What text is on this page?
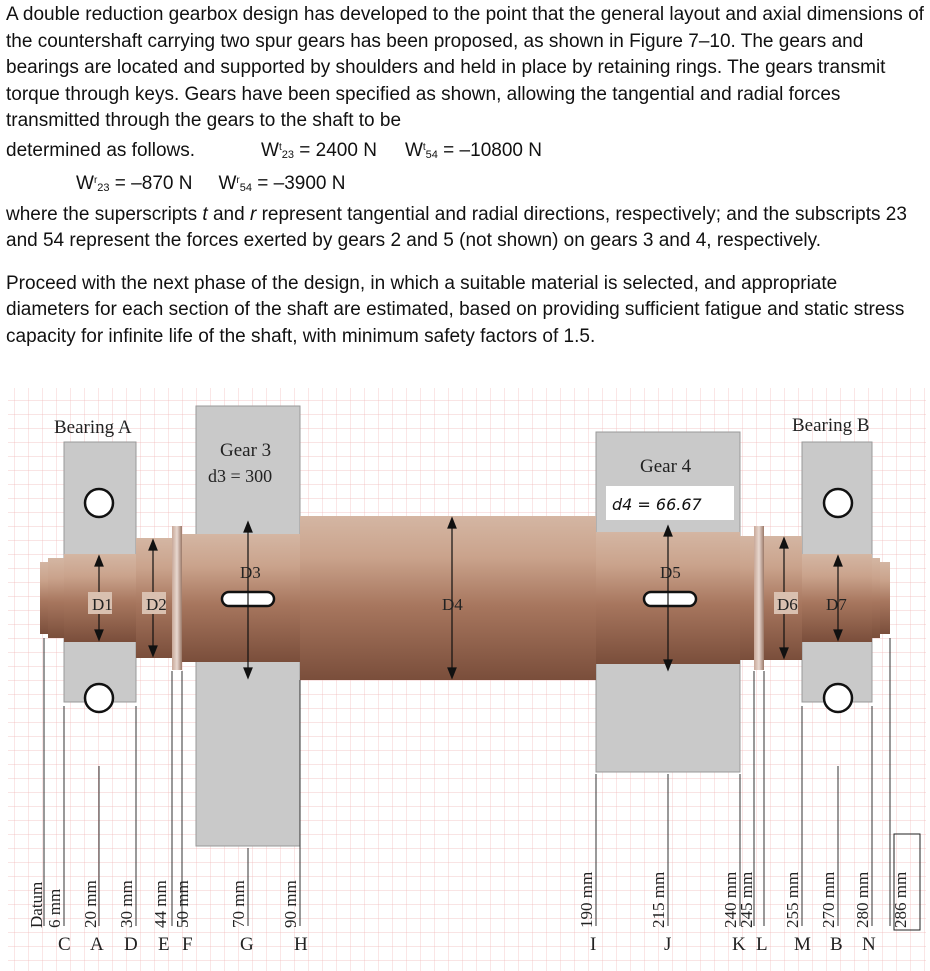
A double reduction gearbox design has developed to the point that the general layout and axial dimensions of the countershaft carrying two spur gears has been proposed, as shown in Figure 7–10. The gears and bearings are located and supported by shoulders and held in place by retaining rings. The gears transmit torque through keys. Gears have been specified as shown, allowing the tangential and radial forces transmitted through the gears to the shaft to be

determined as follows.	$W^t_{23} = 2400$ N $W^t_{54} = -10800$ N

$W^r_{23} = -870$ N $W^r_{54} = -3900$ N

where the superscripts t and r represent tangential and radial directions, respectively; and the subscripts 23 and 54 represent the forces exerted by gears 2 and 5 (not shown) on gears 3 and 4, respectively.

Proceed with the next phase of the design, in which a suitable material is selected, and appropriate diameters for each section of the shaft are estimated, based on providing sufficient fatigue and static stress capacity for infinite life of the shaft, with minimum safety factors of 1.5.

D1 D2
D3
D4
D5
D6 D7
Bearing A	Bearing B
Gear 3
d3 = 300	Gear 4
d4 = 66.67
Datum 6 mm 20 mm 30 mm 44 mm 50 mm 70 mm 90 mm	190 mm	215 mm	240 mm
245 mm 255 mm 270 mm 280 mm 286 mm
C A D E F G H	I	J	K L M B N
